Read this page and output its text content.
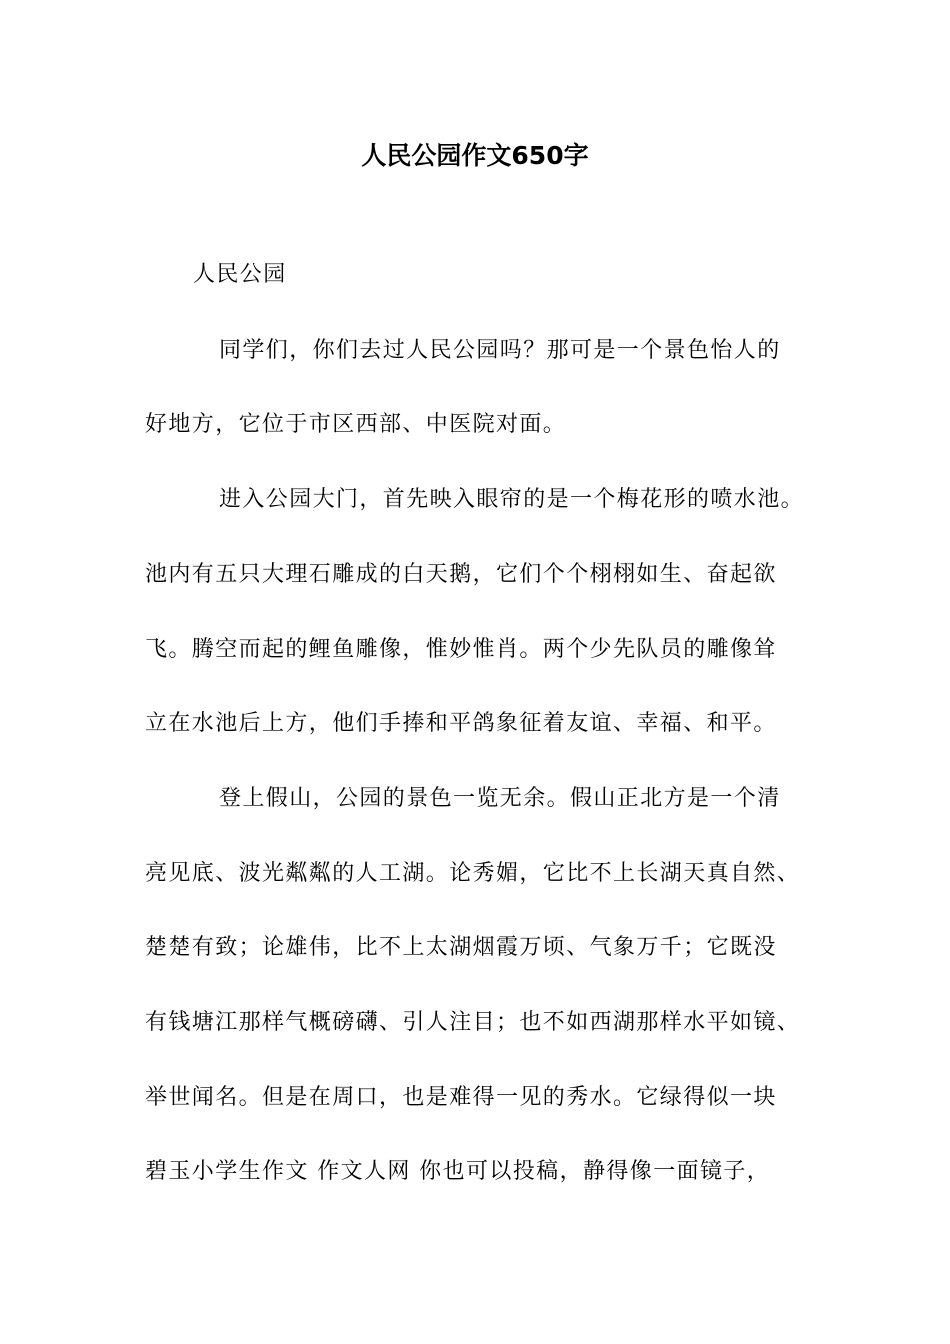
人民公园作文650字
人民公园
同学们，你们去过人民公园吗？那可是一个景色怡人的
好地方，它位于市区西部、中医院对面。
进入公园大门，首先映入眼帘的是一个梅花形的喷水池。
池内有五只大理石雕成的白天鹅，它们个个栩栩如生、奋起欲
飞。腾空而起的鲤鱼雕像，惟妙惟肖。两个少先队员的雕像耸
立在水池后上方，他们手捧和平鸽象征着友谊、幸福、和平。
登上假山，公园的景色一览无余。假山正北方是一个清
亮见底、波光粼粼的人工湖。论秀媚，它比不上长湖天真自然、
楚楚有致；论雄伟，比不上太湖烟霞万顷、气象万千；它既没
有钱塘江那样气概磅礴、引人注目；也不如西湖那样水平如镜、
举世闻名。但是在周口，也是难得一见的秀水。它绿得似一块
碧玉小学生作文 作文人网 你也可以投稿，静得像一面镜子，
